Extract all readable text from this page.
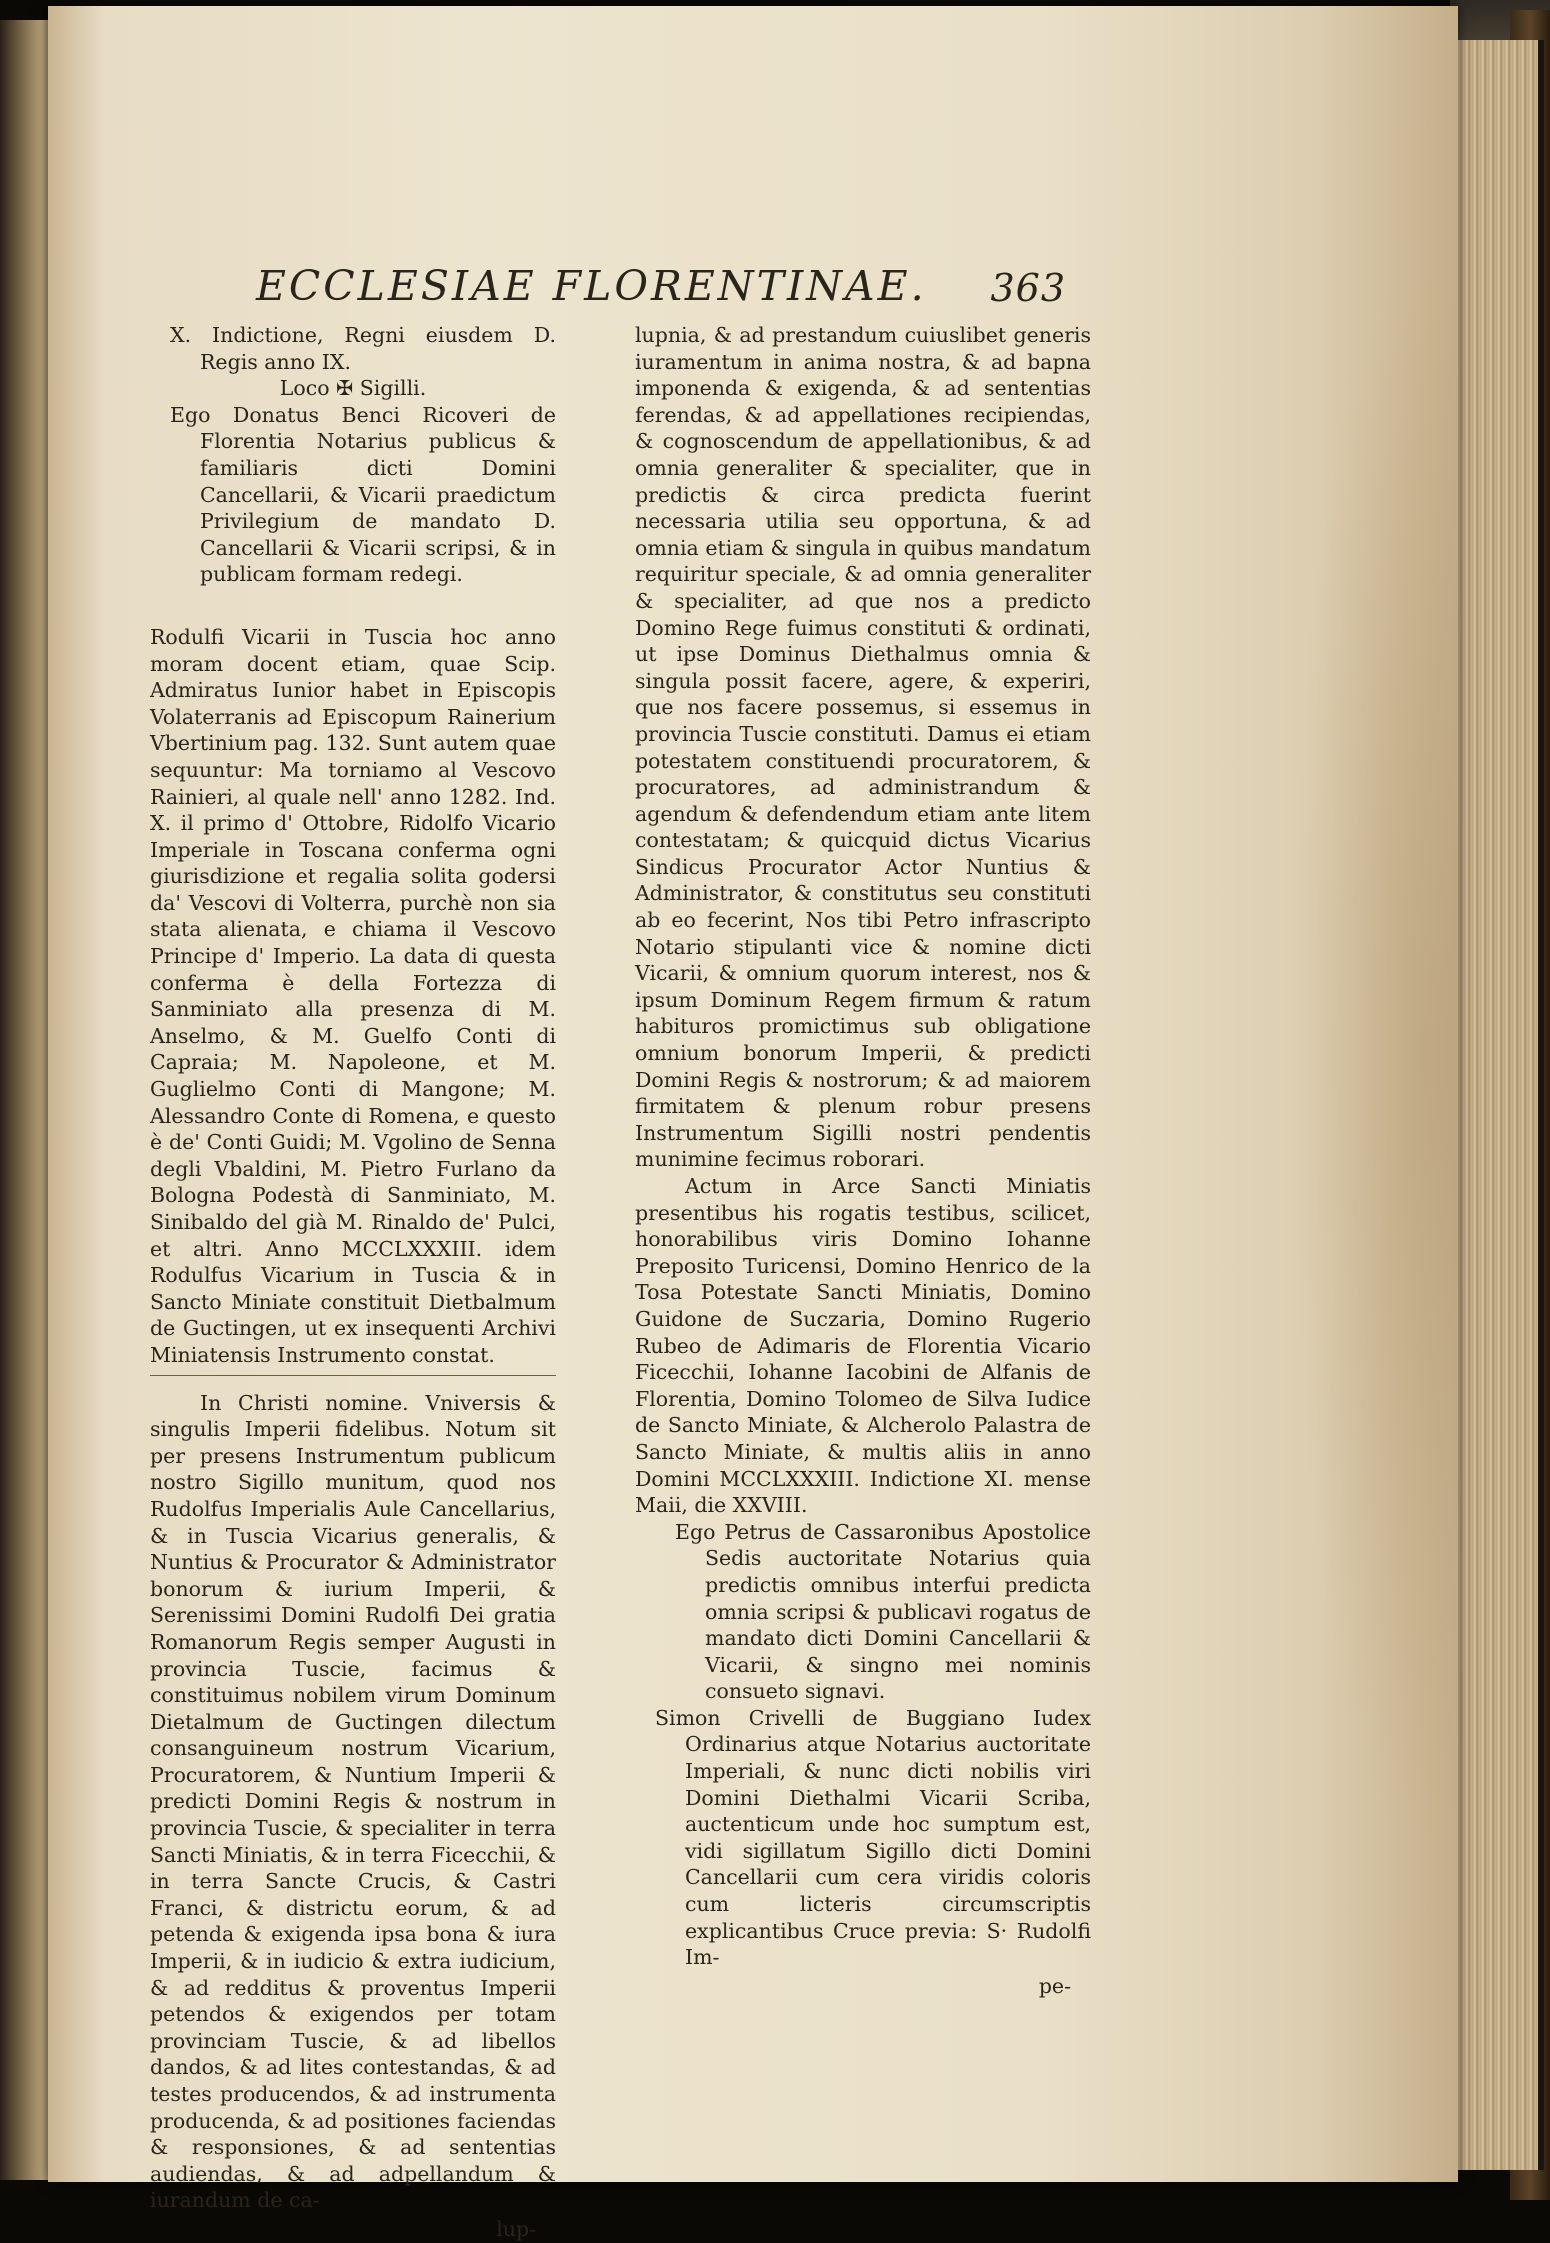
ECCLESIAE FLORENTINAE. 363

X. Indictione, Regni eiusdem D. Regis anno IX.

Loco ✠ Sigilli.

Ego Donatus Benci Ricoveri de Florentia Notarius publicus & familiaris dicti Domini Cancellarii, & Vicarii praedictum Privilegium de mandato D. Cancellarii & Vicarii scripsi, & in publicam formam redegi.

Rodulfi Vicarii in Tuscia hoc anno moram docent etiam, quae Scip. Admiratus Iunior habet in Episcopis Volaterranis ad Episcopum Rainerium Vbertinium pag. 132. Sunt autem quae sequuntur: Ma torniamo al Vescovo Rainieri, al quale nell' anno 1282. Ind. X. il primo d' Ottobre, Ridolfo Vicario Imperiale in Toscana conferma ogni giurisdizione et regalia solita godersi da' Vescovi di Volterra, purchè non sia stata alienata, e chiama il Vescovo Principe d' Imperio. La data di questa conferma è della Fortezza di Sanminiato alla presenza di M. Anselmo, & M. Guelfo Conti di Capraia; M. Napoleone, et M. Guglielmo Conti di Mangone; M. Alessandro Conte di Romena, e questo è de' Conti Guidi; M. Vgolino de Senna degli Vbaldini, M. Pietro Furlano da Bologna Podestà di Sanminiato, M. Sinibaldo del già M. Rinaldo de' Pulci, et altri. Anno MCCLXXXIII. idem Rodulfus Vicarium in Tuscia & in Sancto Miniate constituit Dietbalmum de Guctingen, ut ex insequenti Archivi Miniatensis Instrumento constat.

In Christi nomine. Vniversis & singulis Imperii fidelibus. Notum sit per presens Instrumentum publicum nostro Sigillo munitum, quod nos Rudolfus Imperialis Aule Cancellarius, & in Tuscia Vicarius generalis, & Nuntius & Procurator & Administrator bonorum & iurium Imperii, & Serenissimi Domini Rudolfi Dei gratia Romanorum Regis semper Augusti in provincia Tuscie, facimus & constituimus nobilem virum Dominum Dietalmum de Guctingen dilectum consanguineum nostrum Vicarium, Procuratorem, & Nuntium Imperii & predicti Domini Regis & nostrum in provincia Tuscie, & specialiter in terra Sancti Miniatis, & in terra Ficecchii, & in terra Sancte Crucis, & Castri Franci, & districtu eorum, & ad petenda & exigenda ipsa bona & iura Imperii, & in iudicio & extra iudicium, & ad redditus & proventus Imperii petendos & exigendos per totam provinciam Tuscie, & ad libellos dandos, & ad lites contestandas, & ad testes producendos, & ad instrumenta producenda, & ad positiones faciendas & responsiones, & ad sententias audiendas, & ad adpellandum & iurandum de ca-

lup-

lupnia, & ad prestandum cuiuslibet generis iuramentum in anima nostra, & ad bapna imponenda & exigenda, & ad sententias ferendas, & ad appellationes recipiendas, & cognoscendum de appellationibus, & ad omnia generaliter & specialiter, que in predictis & circa predicta fuerint necessaria utilia seu opportuna, & ad omnia etiam & singula in quibus mandatum requiritur speciale, & ad omnia generaliter & specialiter, ad que nos a predicto Domino Rege fuimus constituti & ordinati, ut ipse Dominus Diethalmus omnia & singula possit facere, agere, & experiri, que nos facere possemus, si essemus in provincia Tuscie constituti. Damus ei etiam potestatem constituendi procuratorem, & procuratores, ad administrandum & agendum & defendendum etiam ante litem contestatam; & quicquid dictus Vicarius Sindicus Procurator Actor Nuntius & Administrator, & constitutus seu constituti ab eo fecerint, Nos tibi Petro infrascripto Notario stipulanti vice & nomine dicti Vicarii, & omnium quorum interest, nos & ipsum Dominum Regem firmum & ratum habituros promictimus sub obligatione omnium bonorum Imperii, & predicti Domini Regis & nostrorum; & ad maiorem firmitatem & plenum robur presens Instrumentum Sigilli nostri pendentis munimine fecimus roborari.

Actum in Arce Sancti Miniatis presentibus his rogatis testibus, scilicet, honorabilibus viris Domino Iohanne Preposito Turicensi, Domino Henrico de la Tosa Potestate Sancti Miniatis, Domino Guidone de Suczaria, Domino Rugerio Rubeo de Adimaris de Florentia Vicario Ficecchii, Iohanne Iacobini de Alfanis de Florentia, Domino Tolomeo de Silva Iudice de Sancto Miniate, & Alcherolo Palastra de Sancto Miniate, & multis aliis in anno Domini MCCLXXXIII. Indictione XI. mense Maii, die XXVIII.

Ego Petrus de Cassaronibus Apostolice Sedis auctoritate Notarius quia predictis omnibus interfui predicta omnia scripsi & publicavi rogatus de mandato dicti Domini Cancellarii & Vicarii, & singno mei nominis consueto signavi.

Simon Crivelli de Buggiano Iudex Ordinarius atque Notarius auctoritate Imperiali, & nunc dicti nobilis viri Domini Diethalmi Vicarii Scriba, auctenticum unde hoc sumptum est, vidi sigillatum Sigillo dicti Domini Cancellarii cum cera viridis coloris cum licteris circumscriptis explicantibus Cruce previa: S· Rudolfi Im-

pe-
